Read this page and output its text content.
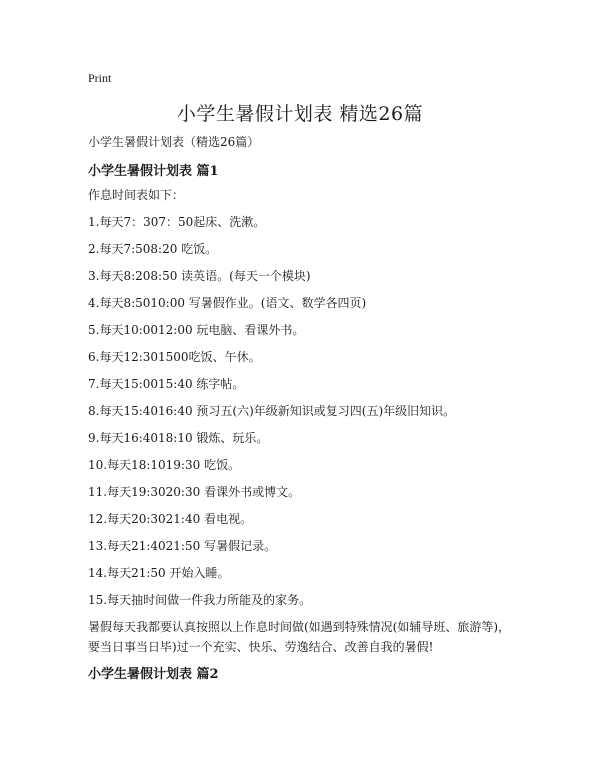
Print
小学生暑假计划表 精选26篇
小学生暑假计划表（精选26篇）
小学生暑假计划表 篇1
作息时间表如下：
1.每天7：307：50起床、洗漱。
2.每天7:508:20 吃饭。
3.每天8:208:50 读英语。(每天一个模块)
4.每天8:5010:00 写暑假作业。(语文、数学各四页)
5.每天10:0012:00 玩电脑、看课外书。
6.每天12:301500吃饭、午休。
7.每天15:0015:40 练字帖。
8.每天15:4016:40 预习五(六)年级新知识或复习四(五)年级旧知识。
9.每天16:4018:10 锻炼、玩乐。
10.每天18:1019:30 吃饭。
11.每天19:3020:30 看课外书或博文。
12.每天20:3021:40 看电视。
13.每天21:4021:50 写暑假记录。
14.每天21:50 开始入睡。
15.每天抽时间做一件我力所能及的家务。
暑假每天我都要认真按照以上作息时间做(如遇到特殊情况(如辅导班、旅游等)，要当日事当日毕)过一个充实、快乐、劳逸结合、改善自我的暑假!
小学生暑假计划表 篇2
